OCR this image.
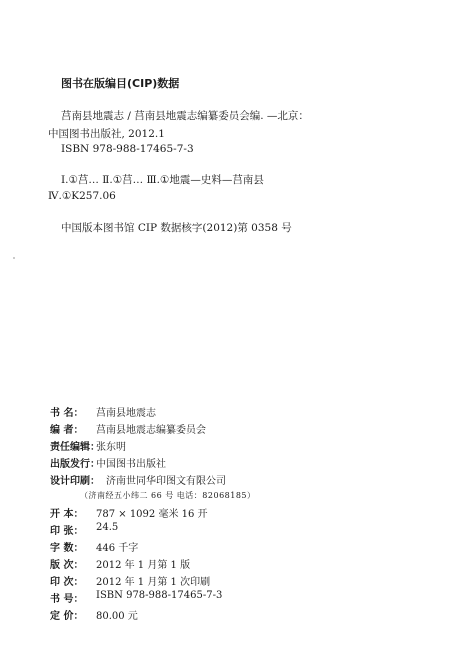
图书在版编目(CIP)数据
莒南县地震志 / 莒南县地震志编纂委员会编. —北京：
中国图书出版社, 2012.1
ISBN 978-988-17465-7-3
Ⅰ.①莒… Ⅱ.①莒… Ⅲ.①地震—史料—莒南县
Ⅳ.①K257.06
中国版本图书馆 CIP 数据核字(2012)第 0358 号
书 名： 莒南县地震志
编 者： 莒南县地震志编纂委员会
责任编辑：
张东明
出版发行：
中国图书出版社
设计印刷： 济南世同华印图文有限公司
（济南经五小纬二 66 号 电话：82068185）
开 本： 787 × 1092 毫米 16 开
印 张： 24.5
字 数： 446 千字
版 次： 2012 年 1 月第 1 版
印 次： 2012 年 1 月第 1 次印刷
书 号： ISBN 978-988-17465-7-3
定 价： 80.00 元
